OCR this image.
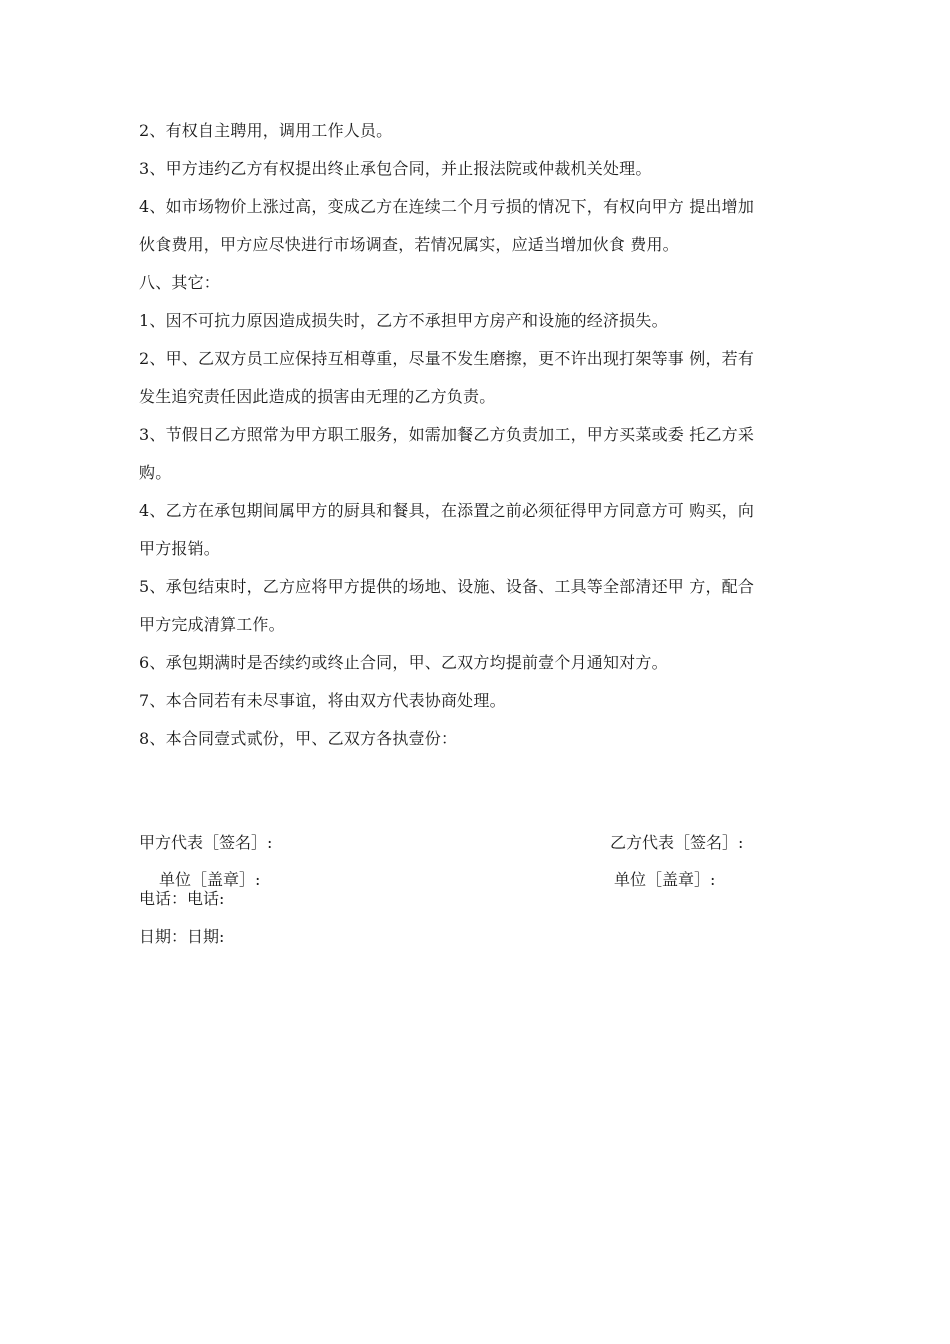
2、有权自主聘用，调用工作人员。

3、甲方违约乙方有权提出终止承包合同，并止报法院或仲裁机关处理。

4、如市场物价上涨过高，变成乙方在连续二个月亏损的情况下，有权向甲方 提出增加

伙食费用，甲方应尽快进行市场调查，若情况属实，应适当增加伙食 费用。

八、其它：

1、因不可抗力原因造成损失时，乙方不承担甲方房产和设施的经济损失。

2、甲、乙双方员工应保持互相尊重，尽量不发生磨擦，更不许出现打架等事 例，若有

发生追究责任因此造成的损害由无理的乙方负责。

3、节假日乙方照常为甲方职工服务，如需加餐乙方负责加工，甲方买菜或委 托乙方采

购。

4、乙方在承包期间属甲方的厨具和餐具，在添置之前必须征得甲方同意方可 购买，向

甲方报销。

5、承包结束时，乙方应将甲方提供的场地、设施、设备、工具等全部清还甲 方，配合

甲方完成清算工作。

6、承包期满时是否续约或终止合同，甲、乙双方均提前壹个月通知对方。

7、本合同若有未尽事谊，将由双方代表协商处理。

8、本合同壹式贰份，甲、乙双方各执壹份：

甲方代表［签名］:	乙方代表［签名］:
单位［盖章］:	单位［盖章］:
电话：电话:
日期：日期:
